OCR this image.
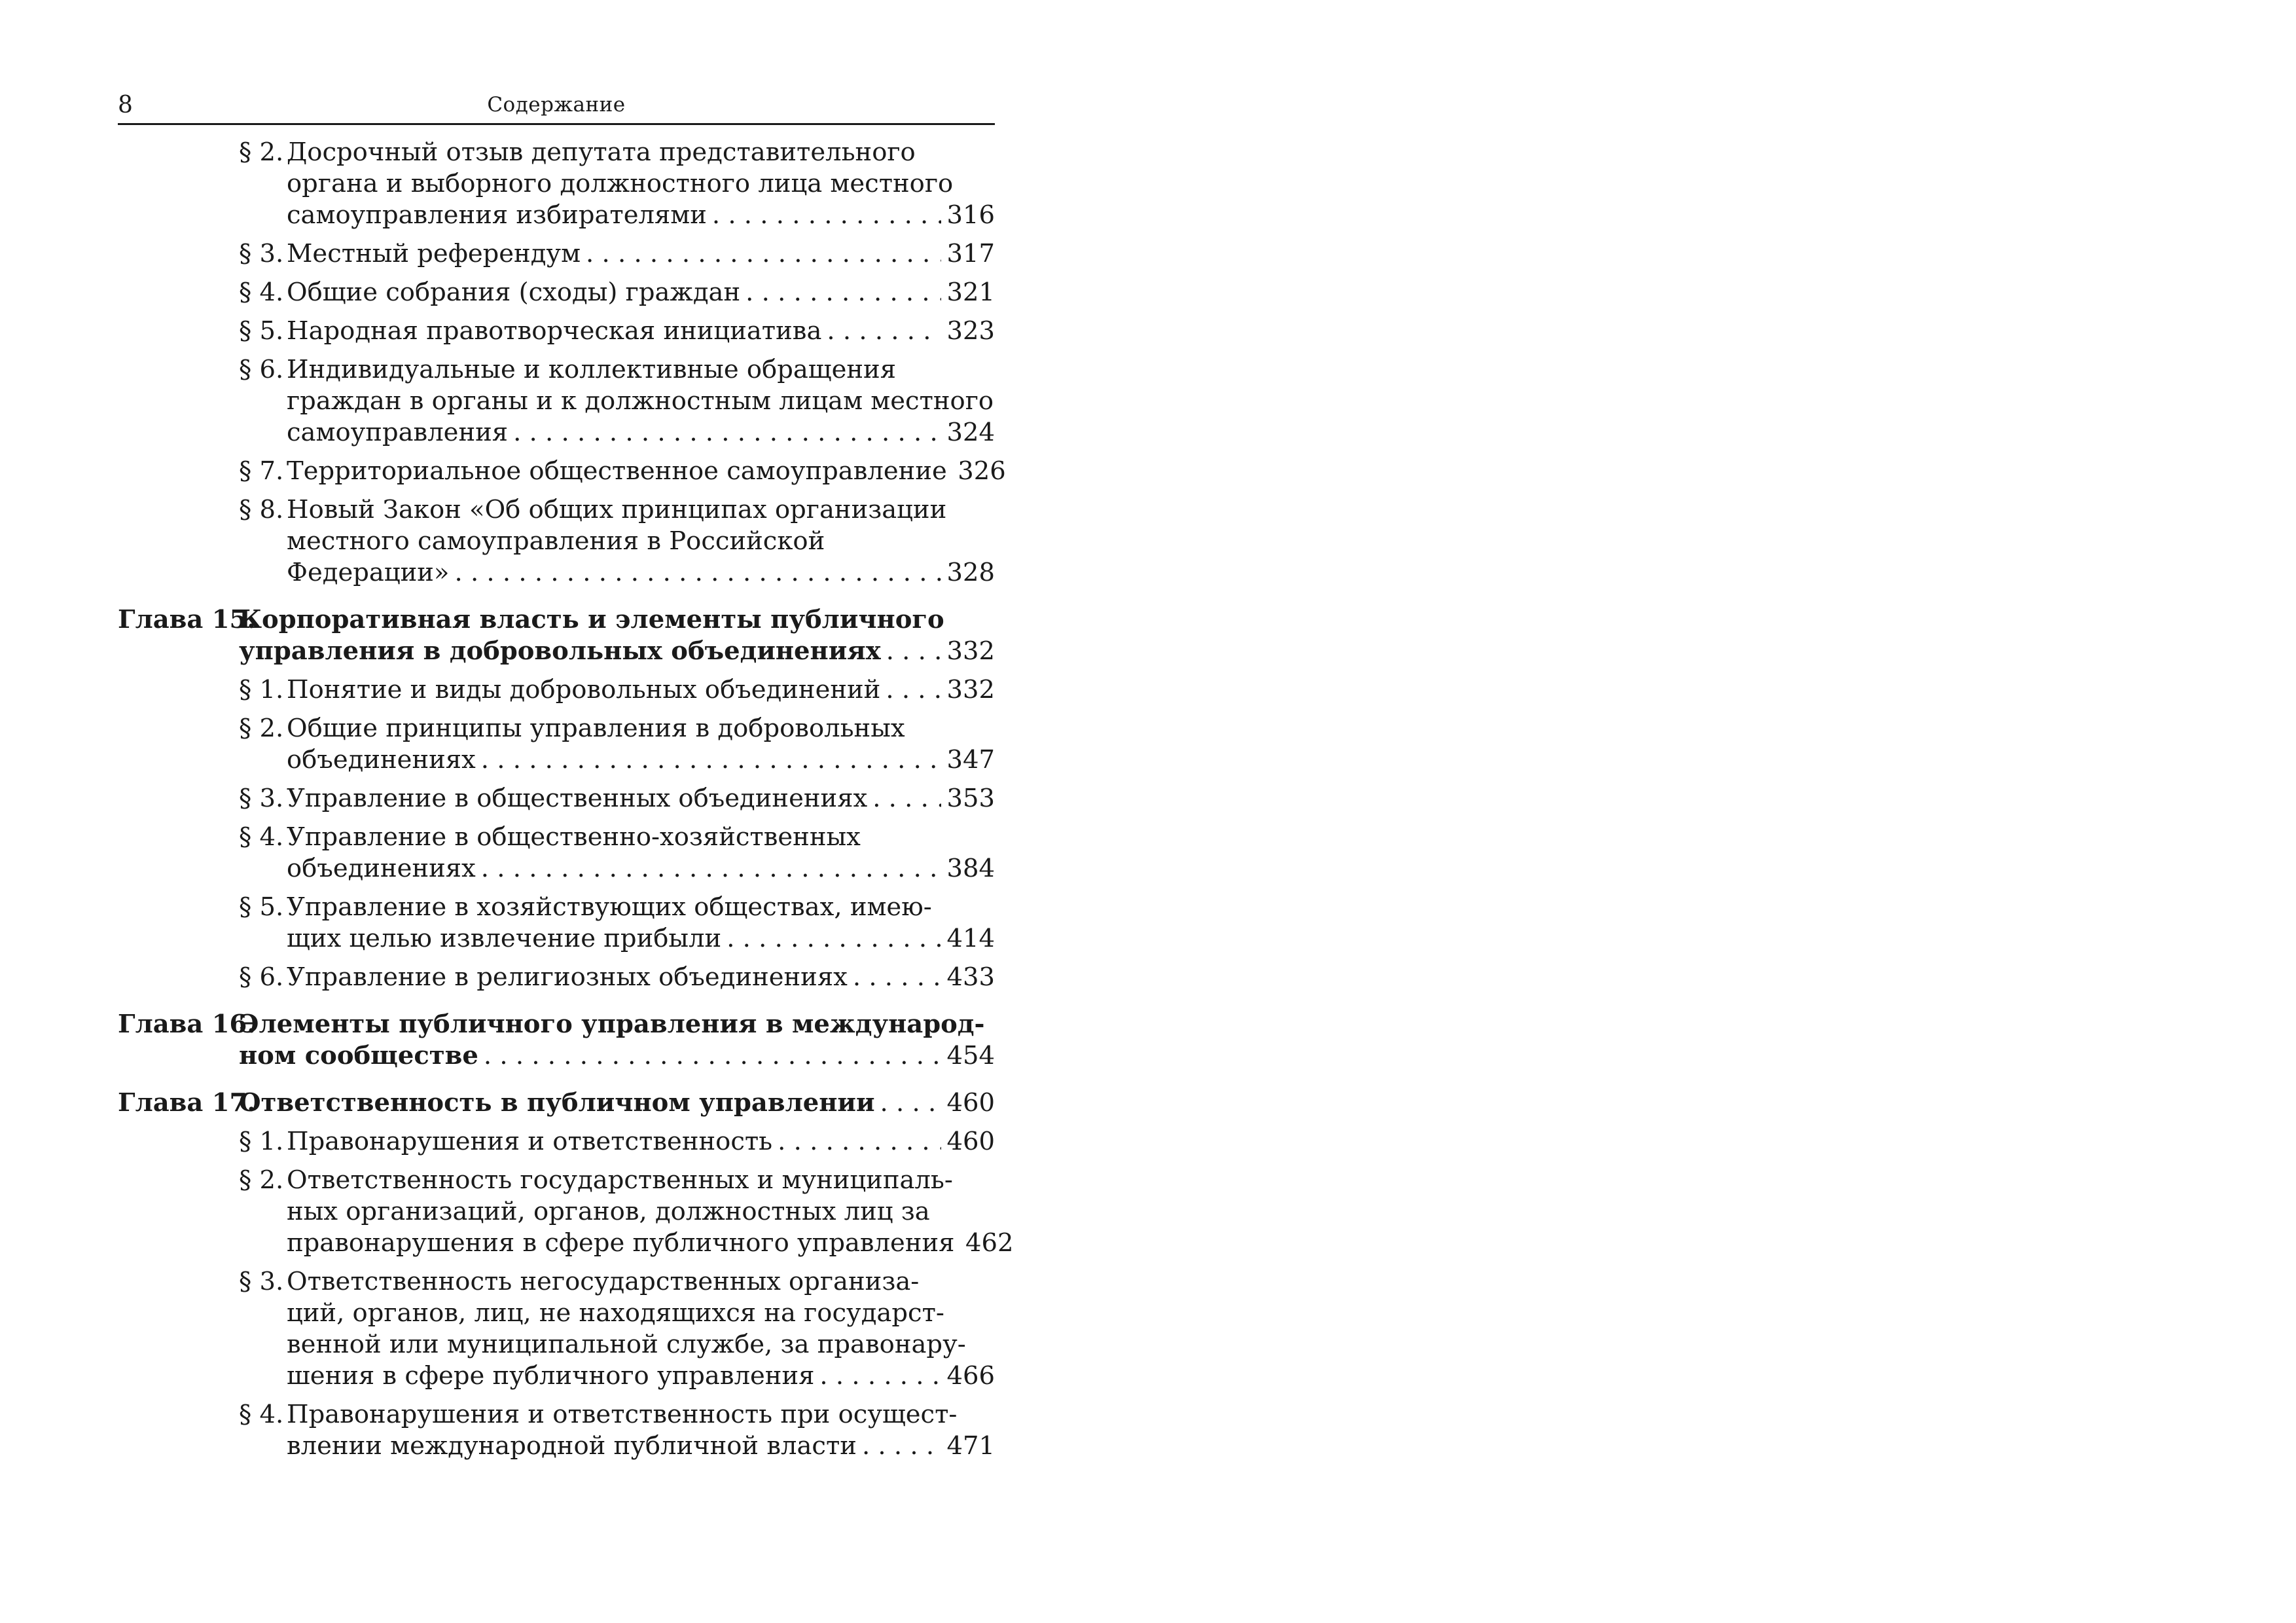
8	Содержание
§ 2. Досрочный отзыв депутата представительного
органа и выборного должностного лица местного
самоуправления избирателями . . .	316
§ 3. Местный референдум . . .	317
§ 4. Общие собрания (сходы) граждан . . .	321
§ 5. Народная правотворческая инициатива . . .	323
§ 6. Индивидуальные и коллективные обращения
граждан в органы и к должностным лицам местного
самоуправления . . .	324
§ 7. Территориальное общественное самоуправление 326
§ 8. Новый Закон «Об общих принципах организации
местного самоуправления в Российской
Федерации» . . .	328
Глава 15.
Корпоративная власть и элементы публичного
управления в добровольных объединениях . . .	332
§ 1. Понятие и виды добровольных объединений . . .	332
§ 2. Общие принципы управления в добровольных
объединениях . . .	347
§ 3. Управление в общественных объединениях . . .	353
§ 4. Управление в общественно-хозяйственных
объединениях . . .	384
§ 5. Управление в хозяйствующих обществах, имею-
щих целью извлечение прибыли . . .	414
§ 6. Управление в религиозных объединениях . . .	433
Глава 16.
Элементы публичного управления в международ-
ном сообществе . . .	454
Глава 17.
Ответственность в публичном управлении . . .	460
§ 1. Правонарушения и ответственность . . .	460
§ 2. Ответственность государственных и муниципаль-
ных организаций, органов, должностных лиц за
правонарушения в сфере публичного управления 462
§ 3. Ответственность негосударственных организа-
ций, органов, лиц, не находящихся на государст-
венной или муниципальной службе, за правонару-
шения в сфере публичного управления . . .	466
§ 4. Правонарушения и ответственность при осущест-
влении международной публичной власти . . .	471
